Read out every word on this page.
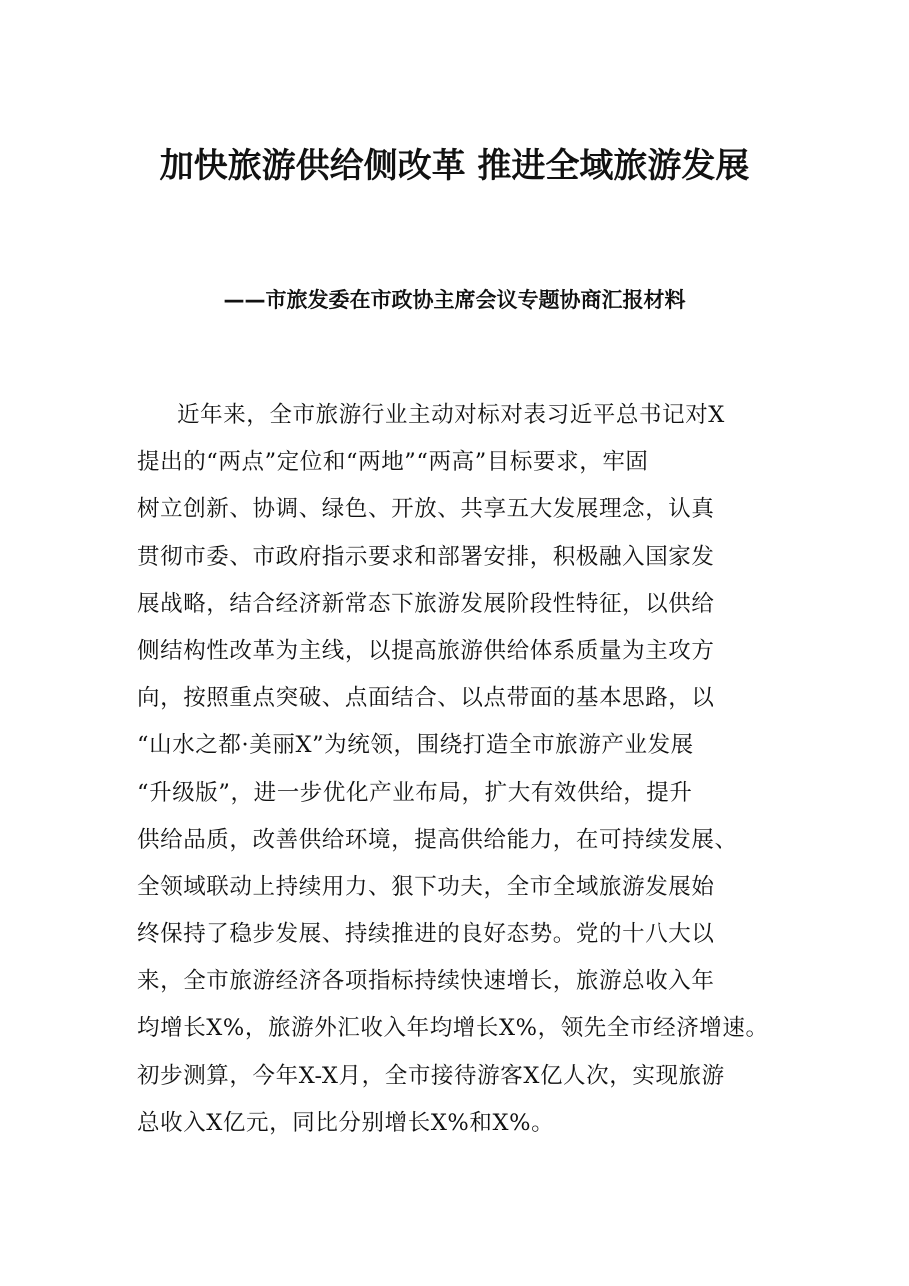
加快旅游供给侧改革 推进全域旅游发展
——市旅发委在市政协主席会议专题协商汇报材料
近年来，全市旅游行业主动对标对表习近平总书记对X
提出的“两点”定位和“两地”“两高”目标要求，牢固
树立创新、协调、绿色、开放、共享五大发展理念，认真
贯彻市委、市政府指示要求和部署安排，积极融入国家发
展战略，结合经济新常态下旅游发展阶段性特征，以供给
侧结构性改革为主线，以提高旅游供给体系质量为主攻方
向，按照重点突破、点面结合、以点带面的基本思路，以
“山水之都·美丽X”为统领，围绕打造全市旅游产业发展
“升级版”，进一步优化产业布局，扩大有效供给，提升
供给品质，改善供给环境，提高供给能力，在可持续发展、
全领域联动上持续用力、狠下功夫，全市全域旅游发展始
终保持了稳步发展、持续推进的良好态势。党的十八大以
来，全市旅游经济各项指标持续快速增长，旅游总收入年
均增长X%，旅游外汇收入年均增长X%，领先全市经济增速。
初步测算，今年X-X月，全市接待游客X亿人次，实现旅游
总收入X亿元，同比分别增长X%和X%。
